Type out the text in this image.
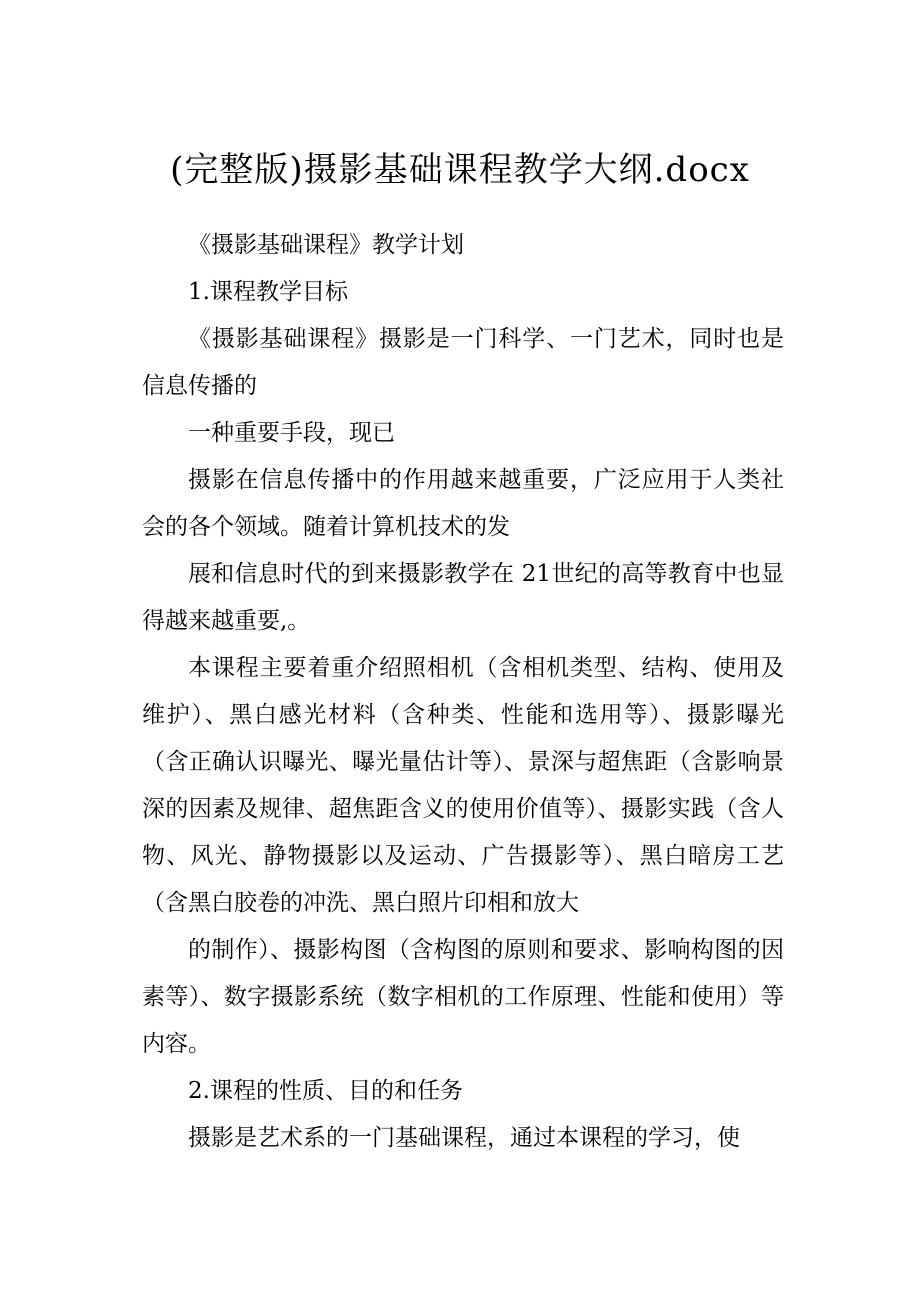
(完整版)摄影基础课程教学大纲.docx

《摄影基础课程》教学计划

1.课程教学目标

《摄影基础课程》摄影是一门科学、一门艺术，同时也是信息传播的

一种重要手段，现已

摄影在信息传播中的作用越来越重要，广泛应用于人类社会的各个领域。随着计算机技术的发

展和信息时代的到来摄影教学在 21世纪的高等教育中也显得越来越重要,。

本课程主要着重介绍照相机（含相机类型、结构、使用及维护）、黑白感光材料（含种类、性能和选用等）、摄影曝光（含正确认识曝光、曝光量估计等）、景深与超焦距（含影响景深的因素及规律、超焦距含义的使用价值等）、摄影实践（含人物、风光、静物摄影以及运动、广告摄影等）、黑白暗房工艺（含黑白胶卷的冲洗、黑白照片印相和放大

的制作）、摄影构图（含构图的原则和要求、影响构图的因素等）、数字摄影系统（数字相机的工作原理、性能和使用）等内容。

2.课程的性质、目的和任务

摄影是艺术系的一门基础课程，通过本课程的学习，使
